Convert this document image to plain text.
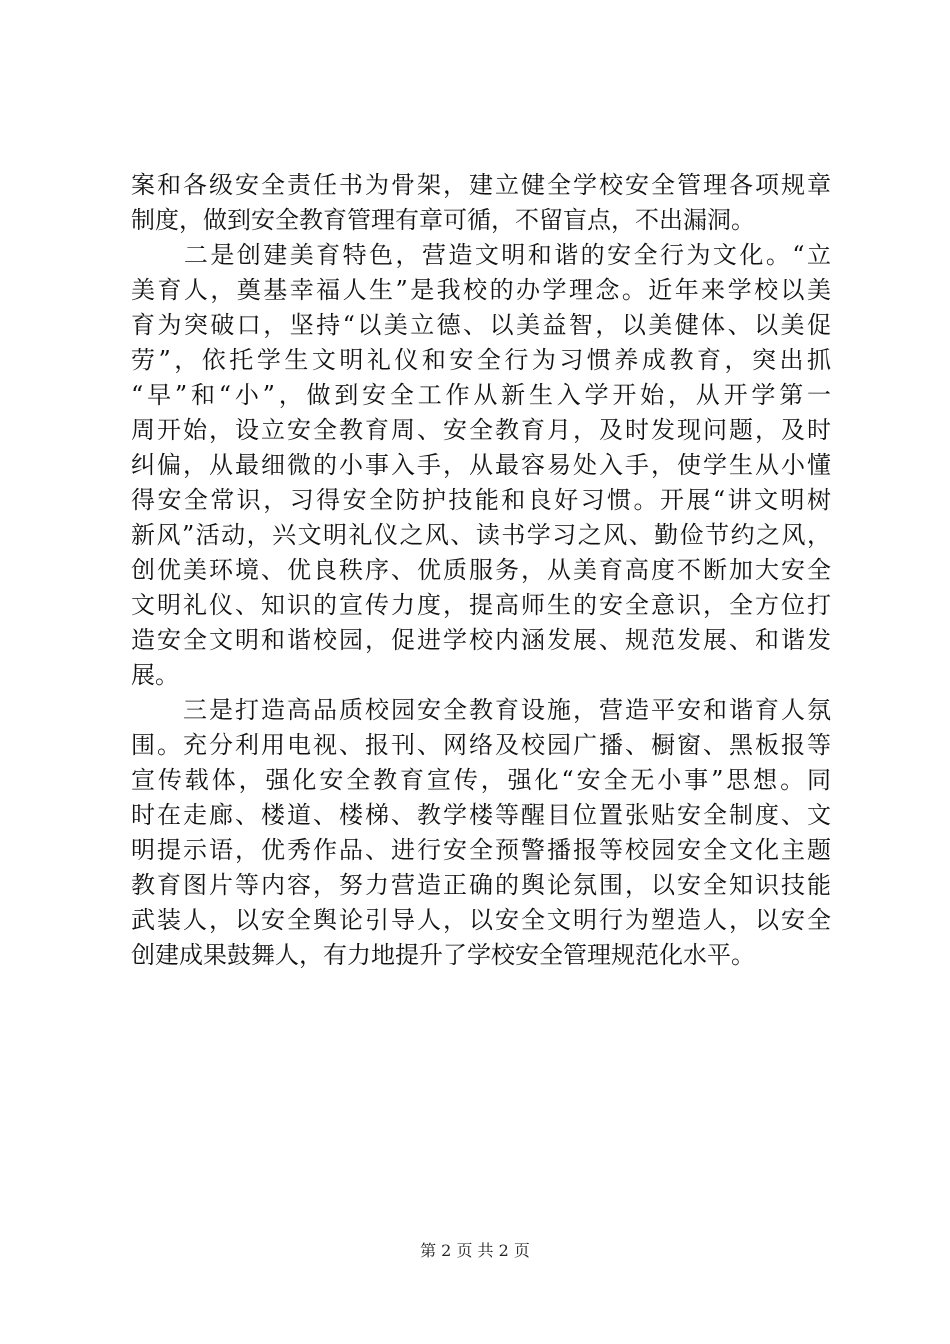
案和各级安全责任书为骨架，建立健全学校安全管理各项规章
制度，做到安全教育管理有章可循，不留盲点，不出漏洞。
　　二是创建美育特色，营造文明和谐的安全行为文化。“立
美育人，奠基幸福人生”是我校的办学理念。近年来学校以美
育为突破口，坚持“以美立德、以美益智，以美健体、以美促
劳”，依托学生文明礼仪和安全行为习惯养成教育，突出抓
“早”和“小”，做到安全工作从新生入学开始，从开学第一
周开始，设立安全教育周、安全教育月，及时发现问题，及时
纠偏，从最细微的小事入手，从最容易处入手，使学生从小懂
得安全常识，习得安全防护技能和良好习惯。开展“讲文明树
新风”活动，兴文明礼仪之风、读书学习之风、勤俭节约之风，
创优美环境、优良秩序、优质服务，从美育高度不断加大安全
文明礼仪、知识的宣传力度，提高师生的安全意识，全方位打
造安全文明和谐校园，促进学校内涵发展、规范发展、和谐发
展。
　　三是打造高品质校园安全教育设施，营造平安和谐育人氛
围。充分利用电视、报刊、网络及校园广播、橱窗、黑板报等
宣传载体，强化安全教育宣传，强化“安全无小事”思想。同
时在走廊、楼道、楼梯、教学楼等醒目位置张贴安全制度、文
明提示语，优秀作品、进行安全预警播报等校园安全文化主题
教育图片等内容，努力营造正确的舆论氛围，以安全知识技能
武装人，以安全舆论引导人，以安全文明行为塑造人，以安全
创建成果鼓舞人，有力地提升了学校安全管理规范化水平。
第 2 页 共 2 页
